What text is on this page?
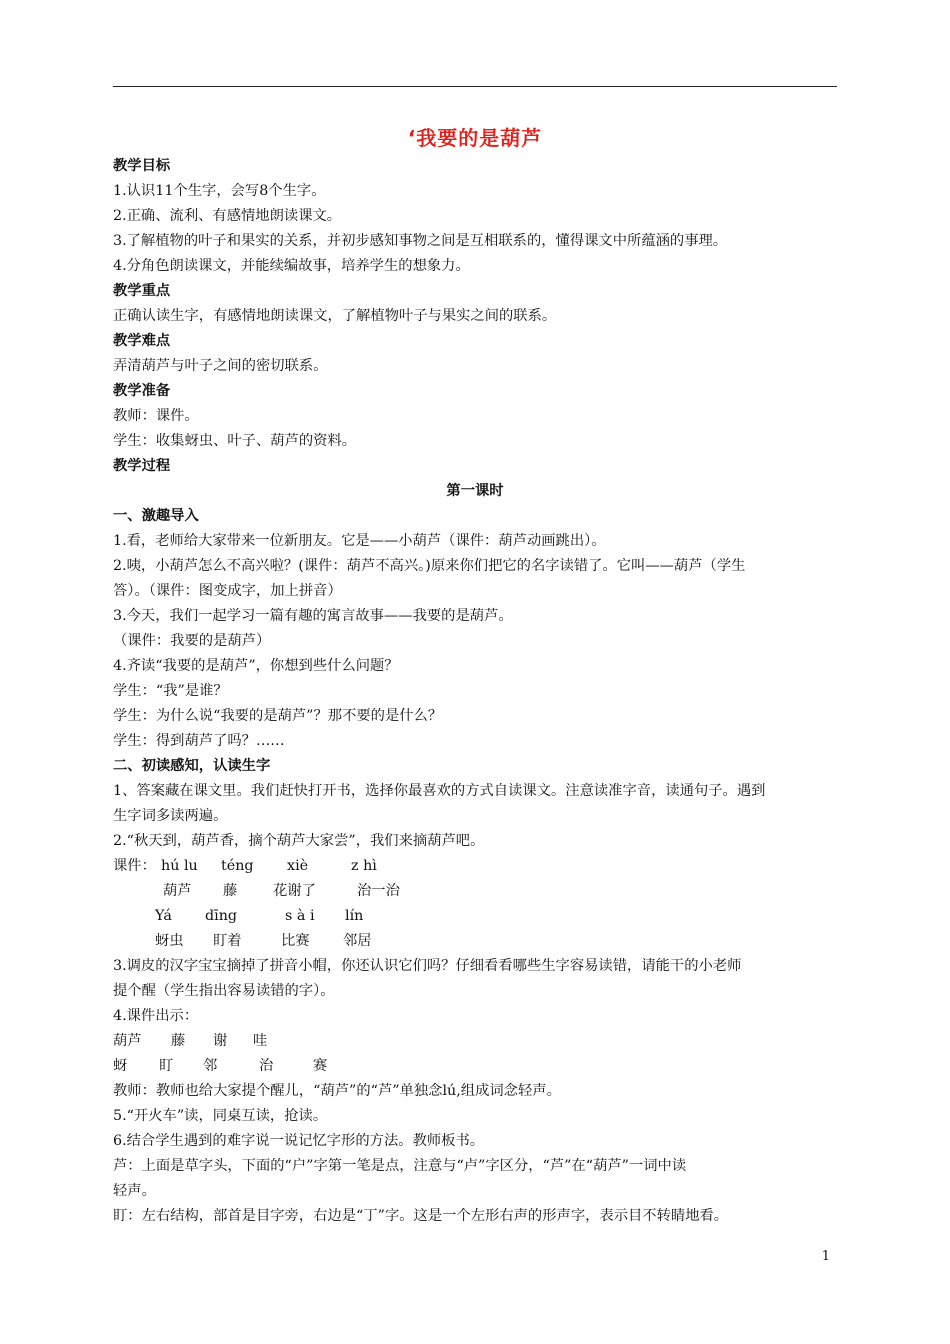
‘我要的是葫芦
教学目标
1.认识11个生字，会写8个生字。
2.正确、流利、有感情地朗读课文。
3.了解植物的叶子和果实的关系，并初步感知事物之间是互相联系的，懂得课文中所蕴涵的事理。
4.分角色朗读课文，并能续编故事，培养学生的想象力。
教学重点
正确认读生字，有感情地朗读课文，了解植物叶子与果实之间的联系。
教学难点
弄清葫芦与叶子之间的密切联系。
教学准备
教师：课件。
学生：收集蚜虫、叶子、葫芦的资料。
教学过程
第一课时
一、激趣导入
1.看，老师给大家带来一位新朋友。它是——小葫芦（课件：葫芦动画跳出）。
2.咦，小葫芦怎么不高兴啦？(课件：葫芦不高兴。)原来你们把它的名字读错了。它叫——葫芦（学生
答）。（课件：图变成字，加上拼音）
3.今天，我们一起学习一篇有趣的寓言故事——我要的是葫芦。
（课件：我要的是葫芦）
4.齐读“我要的是葫芦”，你想到些什么问题？
学生：“我”是谁？
学生：为什么说“我要的是葫芦”？那不要的是什么？
学生：得到葫芦了吗？……
二、初读感知，认读生字
1、答案藏在课文里。我们赶快打开书，选择你最喜欢的方式自读课文。注意读准字音，读通句子。遇到
生字词多读两遍。
2.“秋天到，葫芦香，摘个葫芦大家尝”，我们来摘葫芦吧。
课件： hú lu	téng	xiè	z hì
葫芦	藤	花谢了	治一治
Yá	dīng	s à i	lín
蚜虫	盯着	比赛	邻居
3.调皮的汉字宝宝摘掉了拼音小帽，你还认识它们吗？仔细看看哪些生字容易读错，请能干的小老师
提个醒（学生指出容易读错的字）。
4.课件出示：
葫芦	藤	谢	哇
蚜	盯	邻	治	赛
教师：教师也给大家提个醒儿，“葫芦”的“芦”单独念lú,组成词念轻声。
5.“开火车”读，同桌互读，抢读。
6.结合学生遇到的难字说一说记忆字形的方法。教师板书。
芦：上面是草字头，下面的“户”字第一笔是点，注意与“卢”字区分，“芦”在“葫芦”一词中读
轻声。
盯：左右结构，部首是目字旁，右边是“丁”字。这是一个左形右声的形声字，表示目不转睛地看。
1
